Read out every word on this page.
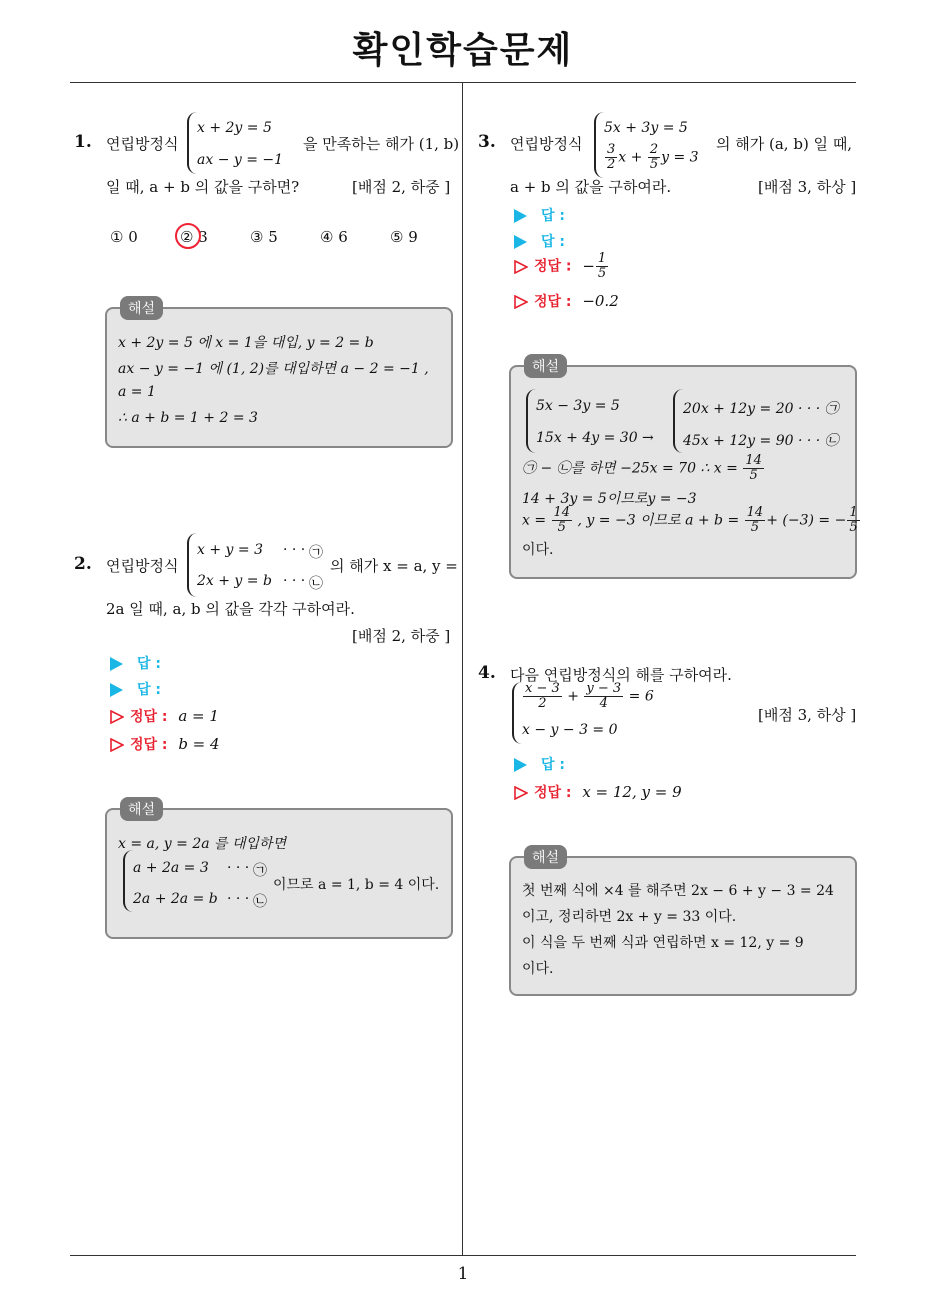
확인학습문제
1
1. 연립방정식
x + 2y = 5
ax − y = −1
을 만족하는 해가 (1, b)
일 때, a + b 의 값을 구하면?	[배점 2, 하중 ]
① 0	② 3	③ 5	④ 6	⑤ 9
x + 2y = 5 에 x = 1을 대입, y = 2 = b
ax − y = −1 에 (1, 2)를 대입하면 a − 2 = −1 ,
a = 1
∴ a + b = 1 + 2 = 3
해설
2. 연립방정식
x + y = 3 · · · ㉠
2x + y = b · · · ㉡
의 해가 x = a, y =
2a 일 때, a, b 의 값을 각각 구하여라.
[배점 2, 하중 ]
답 :
답 :
정답 : a = 1
정답 : b = 4
x = a, y = 2a 를 대입하면
a + 2a = 3 · · · ㉠
2a + 2a = b · · · ㉡
이므로 a = 1, b = 4 이다.
해설
3. 연립방정식
5x + 3y = 5
$\frac{3}{2}$ $x + \frac{2}{5}$ y = 3
의 해가 (a, b) 일 때,
a + b 의 값을 구하여라.	[배점 3, 하상 ]
답 :
답 :
정답 : − $\frac{1}{5}$
정답 : −0.2
5x − 3y = 5
15x + 4y = 30 →
20x + 12y = 20 · · · ㉠
45x + 12y = 90 · · · ㉡
㉠ − ㉡를 하면 −25x = 70 ∴ $x = \frac{14}{5}$
14 + 3y = 5이므로y = −3
$x = \frac{14}{5}$ , y = −3 이므로 $a + b = \frac{14}{5} + (-3)$ = − $\frac{1}{5}$
이다.
해설
4. 다음 연립방정식의 해를 구하여라.
$\frac{x - 3}{2} + \frac{y - 3}{4} = 6$
x − y − 3 = 0
[배점 3, 하상 ]
답 :
정답 : x = 12, y = 9
첫 번째 식에 ×4 를 해주면 2x − 6 + y − 3 = 24
이고, 정리하면 2x + y = 33 이다.
이 식을 두 번째 식과 연립하면 x = 12, y = 9
이다.
해설
